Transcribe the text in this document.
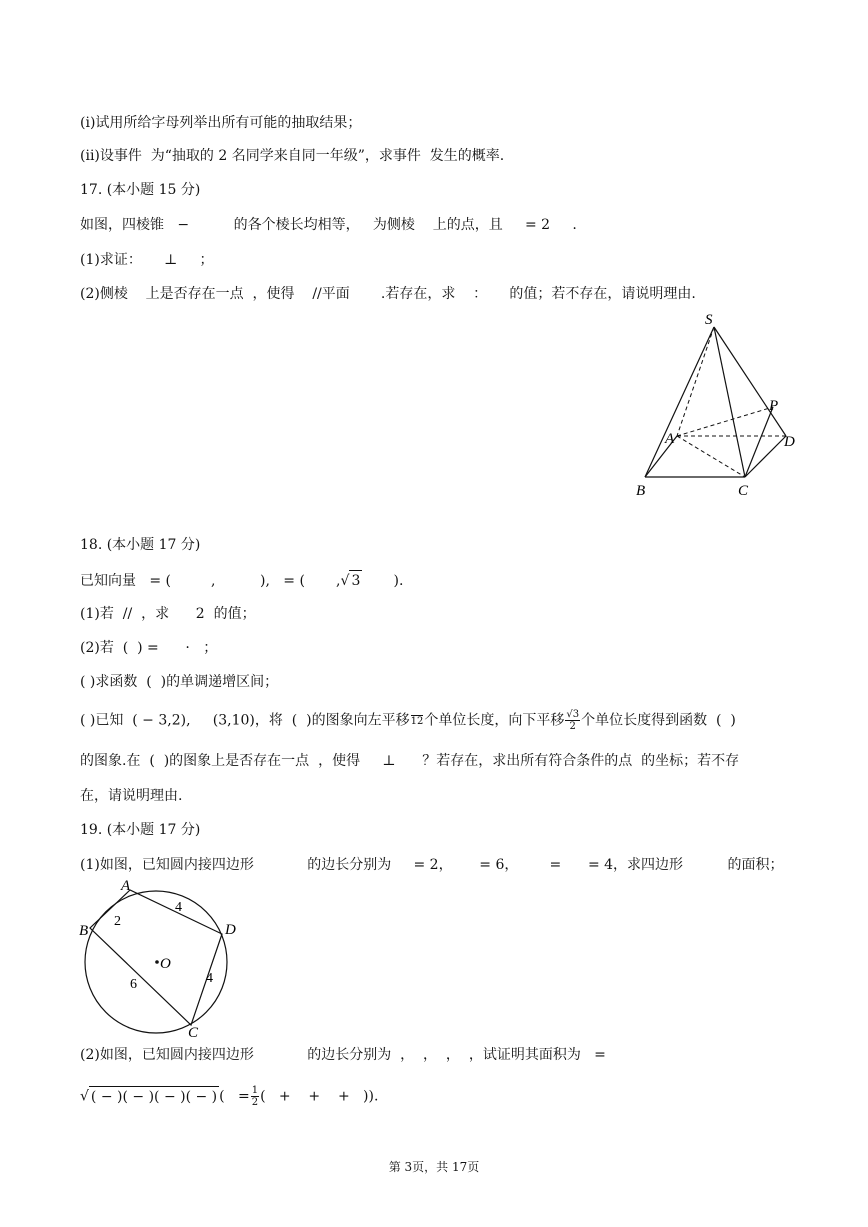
(i)试用所给字母列举出所有可能的抽取结果；
(ii)设事件  为“抽取的 2 名同学来自同一年级”，求事件  发生的概率.
17. (本小题 15 分)
如图，四棱锥   −          的各个棱长均相等，   为侧棱    上的点，且     = 2     .
(1)求证：     ⊥     ；
(2)侧棱    上是否存在一点  ，使得    //平面       .若存在，求    ：     的值；若不存在，请说明理由.
S
P
A	D
B	C
18. (本小题 17 分)
已知向量   = (         ,          ),   = (       ,√ 3       ).
(1)若  //  ，求      2  的值；
(2)若  (  ) =      ·   ；
( )求函数  (  )的单调递增区间；
( )已知  ( − 3,2),     (3,10)，将  (  )的图象向左平移 12 个单位长度，向下平移 $\frac{√3}{2}$ 个单位长度得到函数  (  )
的图象.在  (  )的图象上是否存在一点  ，使得     ⊥      ？若存在，求出所有符合条件的点  的坐标；若不存
在，请说明理由.
19. (本小题 17 分)
(1)如图，已知圆内接四边形            的边长分别为     = 2，      = 6，       =      = 4，求四边形          的面积；
A
B	D
C
O
2
4
6	4
(2)如图，已知圆内接四边形            的边长分别为  ，  ，  ，  ，试证明其面积为   =
√ ( − )( − )( − )( − ) (   = $\frac{1}{2}$ (   +    +    +   )).
第 3页，共 17页
